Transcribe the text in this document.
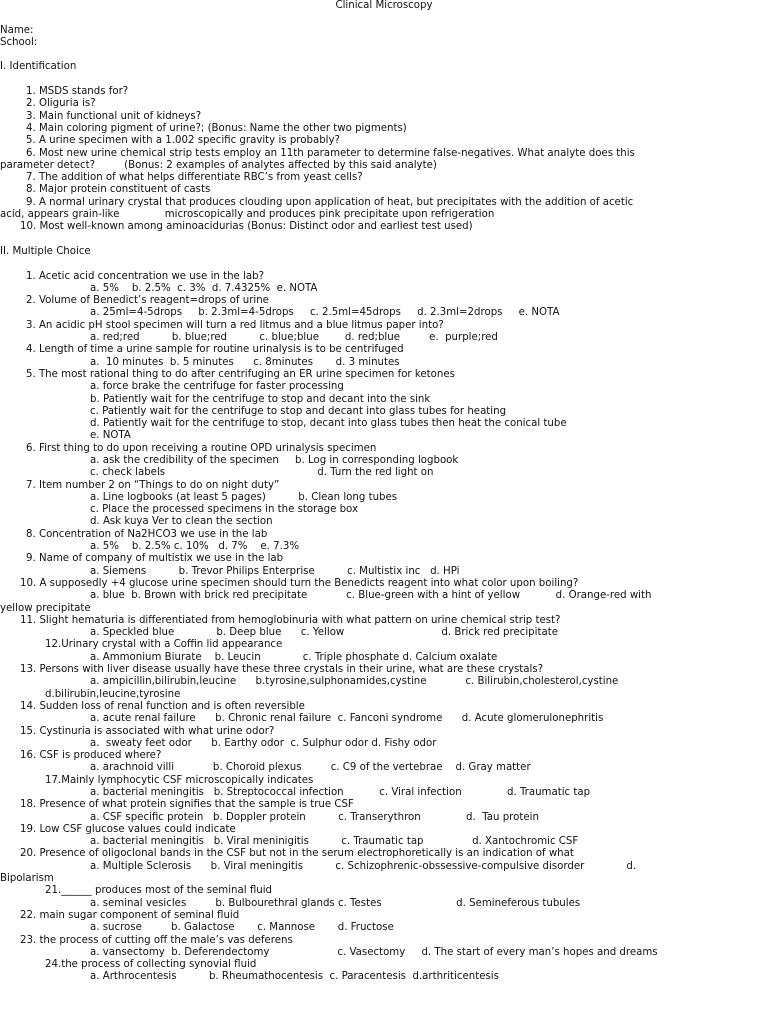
Clinical Microscopy
Name:
School:
I. Identification
1. MSDS stands for?
2. Oliguria is?
3. Main functional unit of kidneys?
4. Main coloring pigment of urine?; (Bonus: Name the other two pigments)
5. A urine specimen with a 1.002 specific gravity is probably?
6. Most new urine chemical strip tests employ an 11th parameter to determine false-negatives. What analyte does this
parameter detect?         (Bonus: 2 examples of analytes affected by this said analyte)
7. The addition of what helps differentiate RBC’s from yeast cells?
8. Major protein constituent of casts
9. A normal urinary crystal that produces clouding upon application of heat, but precipitates with the addition of acetic
acid, appears grain-like              microscopically and produces pink precipitate upon refrigeration
10. Most well-known among aminoacidurias (Bonus: Distinct odor and earliest test used)
II. Multiple Choice
1. Acetic acid concentration we use in the lab?
a. 5%    b. 2.5%  c. 3%  d. 7.4325%  e. NOTA
2. Volume of Benedict’s reagent=drops of urine
a. 25ml=4-5drops     b. 2.3ml=4-5drops     c. 2.5ml=45drops     d. 2.3ml=2drops     e. NOTA
3. An acidic pH stool specimen will turn a red litmus and a blue litmus paper into?
a. red;red          b. blue;red          c. blue;blue        d. red;blue         e.  purple;red
4. Length of time a urine sample for routine urinalysis is to be centrifuged
a.  10 minutes  b. 5 minutes      c. 8minutes       d. 3 minutes
5. The most rational thing to do after centrifuging an ER urine specimen for ketones
a. force brake the centrifuge for faster processing
b. Patiently wait for the centrifuge to stop and decant into the sink
c. Patiently wait for the centrifuge to stop and decant into glass tubes for heating
d. Patiently wait for the centrifuge to stop, decant into glass tubes then heat the conical tube
e. NOTA
6. First thing to do upon receiving a routine OPD urinalysis specimen
a. ask the credibility of the specimen     b. Log in corresponding logbook
c. check labels                                               d. Turn the red light on
7. Item number 2 on “Things to do on night duty”
a. Line logbooks (at least 5 pages)          b. Clean long tubes
c. Place the processed specimens in the storage box
d. Ask kuya Ver to clean the section
8. Concentration of Na2HCO3 we use in the lab
a. 5%    b. 2.5% c. 10%   d. 7%    e. 7.3%
9. Name of company of multistix we use in the lab
a. Siemens          b. Trevor Philips Enterprise          c. Multistix inc   d. HPi
10. A supposedly +4 glucose urine specimen should turn the Benedicts reagent into what color upon boiling?
a. blue  b. Brown with brick red precipitate            c. Blue-green with a hint of yellow           d. Orange-red with
yellow precipitate
11. Slight hematuria is differentiated from hemoglobinuria with what pattern on urine chemical strip test?
a. Speckled blue             b. Deep blue      c. Yellow                              d. Brick red precipitate
12.Urinary crystal with a Coffin lid appearance
a. Ammonium Biurate    b. Leucin             c. Triple phosphate d. Calcium oxalate
13. Persons with liver disease usually have these three crystals in their urine, what are these crystals?
a. ampicillin,bilirubin,leucine      b.tyrosine,sulphonamides,cystine            c. Bilirubin,cholesterol,cystine
d.bilirubin,leucine,tyrosine
14. Sudden loss of renal function and is often reversible
a. acute renal failure      b. Chronic renal failure  c. Fanconi syndrome      d. Acute glomerulonephritis
15. Cystinuria is associated with what urine odor?
a.  sweaty feet odor      b. Earthy odor  c. Sulphur odor d. Fishy odor
16. CSF is produced where?
a. arachnoid villi            b. Choroid plexus         c. C9 of the vertebrae    d. Gray matter
17.Mainly lymphocytic CSF microscopically indicates
a. bacterial meningitis   b. Streptococcal infection           c. Viral infection              d. Traumatic tap
18. Presence of what protein signifies that the sample is true CSF
a. CSF specific protein   b. Doppler protein          c. Transerythron              d.  Tau protein
19. Low CSF glucose values could indicate
a. bacterial meningitis   b. Viral meninigitis          c. Traumatic tap               d. Xantochromic CSF
20. Presence of oligoclonal bands in the CSF but not in the serum electrophoretically is an indication of what
a. Multiple Sclerosis      b. Viral meningitis          c. Schizophrenic-obssessive-compulsive disorder             d.
Bipolarism
21.______ produces most of the seminal fluid
a. seminal vesicles         b. Bulbourethral glands c. Testes                       d. Semineferous tubules
22. main sugar component of seminal fluid
a. sucrose         b. Galactose       c. Mannose       d. Fructose
23. the process of cutting off the male’s vas deferens
a. vansectomy  b. Deferendectomy                     c. Vasectomy     d. The start of every man’s hopes and dreams
24.the process of collecting synovial fluid
a. Arthrocentesis          b. Rheumathocentesis  c. Paracentesis  d.arthriticentesis
